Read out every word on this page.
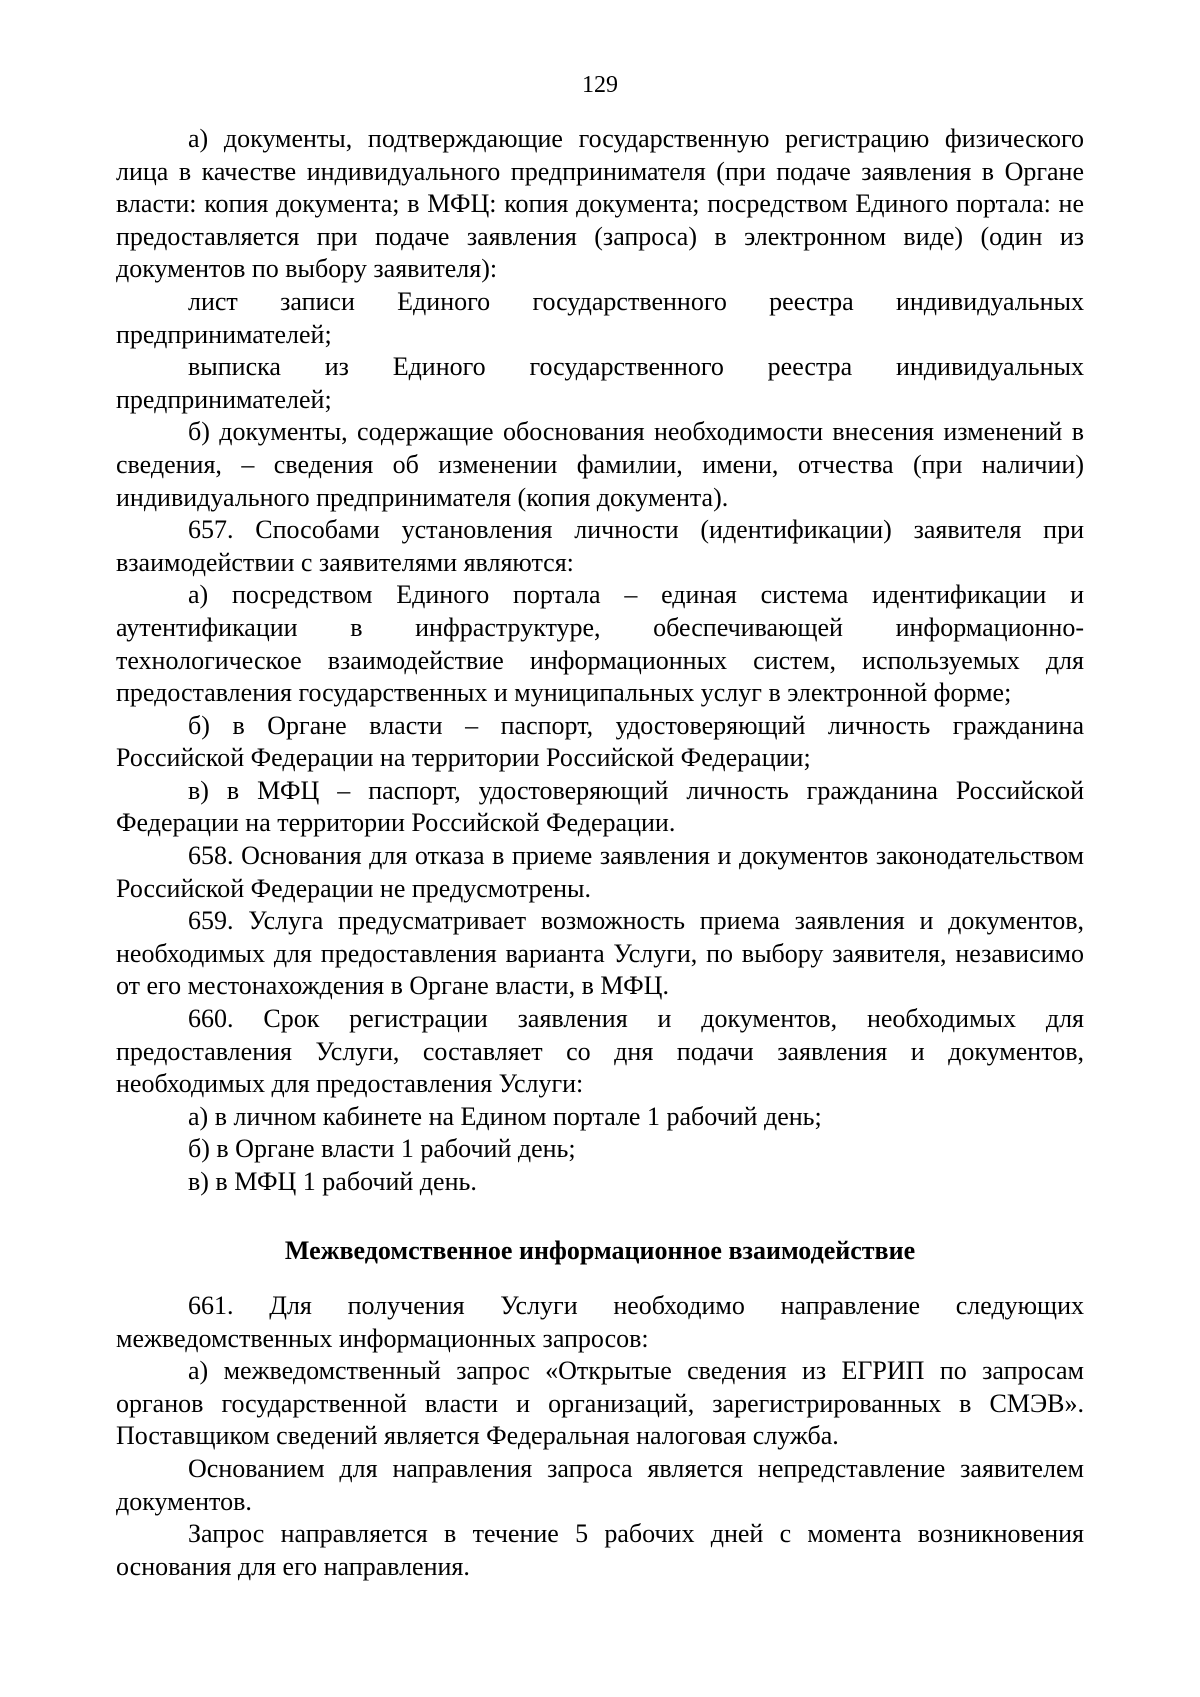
129

а) документы, подтверждающие государственную регистрацию физического лица в качестве индивидуального предпринимателя (при подаче заявления в Органе власти: копия документа; в МФЦ: копия документа; посредством Единого портала: не предоставляется при подаче заявления (запроса) в электронном виде) (один из документов по выбору заявителя):

лист записи Единого государственного реестра индивидуальных предпринимателей;

выписка из Единого государственного реестра индивидуальных предпринимателей;

б) документы, содержащие обоснования необходимости внесения изменений в сведения, – сведения об изменении фамилии, имени, отчества (при наличии) индивидуального предпринимателя (копия документа).

657. Способами установления личности (идентификации) заявителя при взаимодействии с заявителями являются:

а) посредством Единого портала – единая система идентификации и аутентификации в инфраструктуре, обеспечивающей информационно-технологическое взаимодействие информационных систем, используемых для предоставления государственных и муниципальных услуг в электронной форме;

б) в Органе власти – паспорт, удостоверяющий личность гражданина Российской Федерации на территории Российской Федерации;

в) в МФЦ – паспорт, удостоверяющий личность гражданина Российской Федерации на территории Российской Федерации.

658. Основания для отказа в приеме заявления и документов законодательством Российской Федерации не предусмотрены.

659. Услуга предусматривает возможность приема заявления и документов, необходимых для предоставления варианта Услуги, по выбору заявителя, независимо от его местонахождения в Органе власти, в МФЦ.

660. Срок регистрации заявления и документов, необходимых для предоставления Услуги, составляет со дня подачи заявления и документов, необходимых для предоставления Услуги:

а) в личном кабинете на Едином портале 1 рабочий день;

б) в Органе власти 1 рабочий день;

в) в МФЦ 1 рабочий день.

Межведомственное информационное взаимодействие

661. Для получения Услуги необходимо направление следующих межведомственных информационных запросов:

а) межведомственный запрос «Открытые сведения из ЕГРИП по запросам органов государственной власти и организаций, зарегистрированных в СМЭВ». Поставщиком сведений является Федеральная налоговая служба.

Основанием для направления запроса является непредставление заявителем документов.

Запрос направляется в течение 5 рабочих дней с момента возникновения основания для его направления.
